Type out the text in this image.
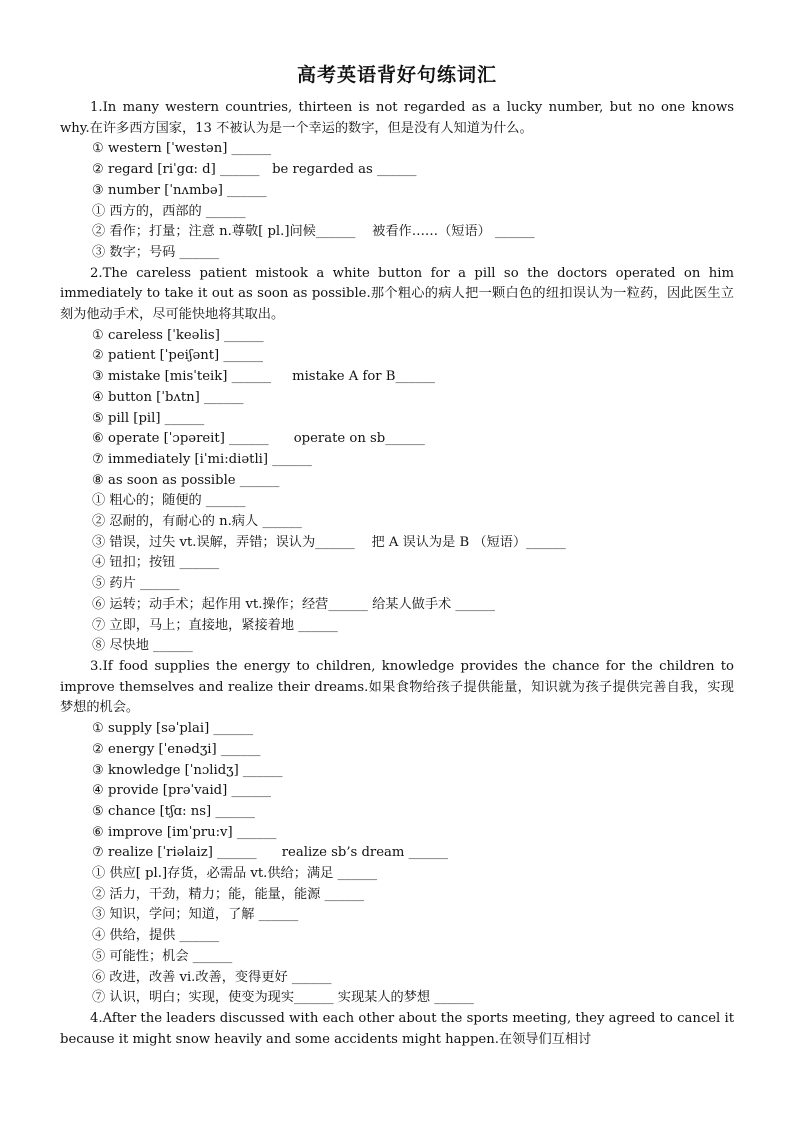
高考英语背好句练词汇

1.In many western countries, thirteen is not regarded as a lucky number, but no one knows why.在许多西方国家，13 不被认为是一个幸运的数字，但是没有人知道为什么。

① western [ˈwestən] ______

② regard [riˈgɑ: d] ______   be regarded as ______

③ number [ˈnʌmbə] ______

① 西方的，西部的 ______

② 看作；打量；注意 n.尊敬[ pl.]问候______    被看作……（短语） ______

③ 数字；号码 ______

2.The careless patient mistook a white button for a pill so the doctors operated on him immediately to take it out as soon as possible.那个粗心的病人把一颗白色的纽扣误认为一粒药，因此医生立刻为他动手术，尽可能快地将其取出。

① careless [ˈkeəlis] ______

② patient [ˈpeiʃənt] ______

③ mistake [misˈteik] ______     mistake A for B______

④ button [ˈbʌtn] ______

⑤ pill [pil] ______

⑥ operate [ˈɔpəreit] ______      operate on sb______

⑦ immediately [iˈmi:diətli] ______

⑧ as soon as possible ______

① 粗心的；随便的 ______

② 忍耐的，有耐心的 n.病人 ______

③ 错误，过失 vt.误解，弄错；误认为______    把 A 误认为是 B （短语）______

④ 钮扣；按钮 ______

⑤ 药片 ______

⑥ 运转；动手术；起作用 vt.操作；经营______ 给某人做手术 ______

⑦ 立即，马上；直接地，紧接着地 ______

⑧ 尽快地 ______

3.If food supplies the energy to children, knowledge provides the chance for the children to improve themselves and realize their dreams.如果食物给孩子提供能量，知识就为孩子提供完善自我，实现梦想的机会。

① supply [səˈplai] ______

② energy [ˈenədʒi] ______

③ knowledge [ˈnɔlidʒ] ______

④ provide [prəˈvaid] ______

⑤ chance [tʃɑ: ns] ______

⑥ improve [imˈpru:v] ______

⑦ realize [ˈriəlaiz] ______      realize sb’s dream ______

① 供应[ pl.]存货，必需品 vt.供给；满足 ______

② 活力，干劲，精力；能，能量，能源 ______

③ 知识，学问；知道，了解 ______

④ 供给，提供 ______

⑤ 可能性；机会 ______

⑥ 改进，改善 vi.改善，变得更好 ______

⑦ 认识，明白；实现，使变为现实______ 实现某人的梦想 ______

4.After the leaders discussed with each other about the sports meeting, they agreed to cancel it because it might snow heavily and some accidents might happen.在领导们互相讨
